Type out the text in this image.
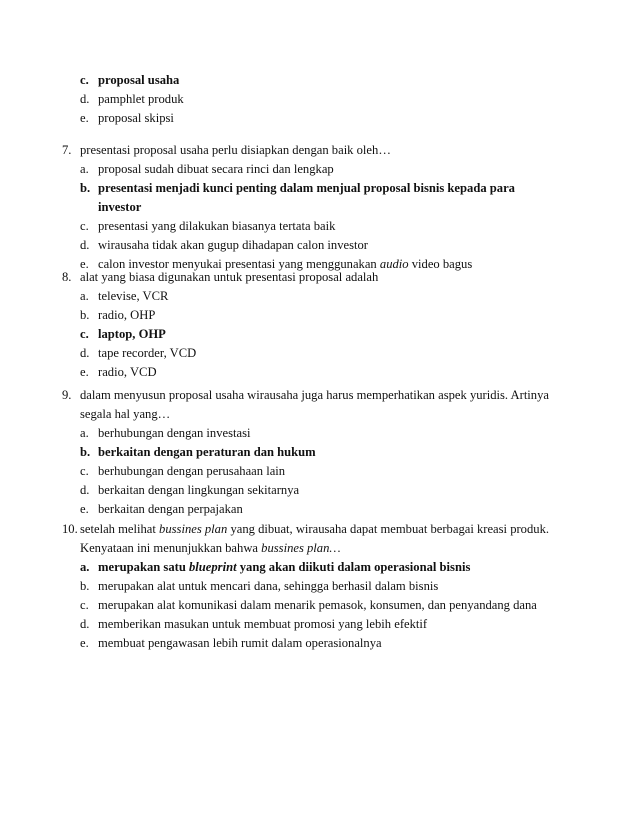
c. proposal usaha
d. pamphlet produk
e. proposal skipsi
7. presentasi proposal usaha perlu disiapkan dengan baik oleh…
a. proposal sudah dibuat secara rinci dan lengkap
b. presentasi menjadi kunci penting dalam menjual proposal bisnis kepada para
investor
c. presentasi yang dilakukan biasanya tertata baik
d. wirausaha tidak akan gugup dihadapan calon investor
e. calon investor menyukai presentasi yang menggunakan audio video bagus
8. alat yang biasa digunakan untuk presentasi proposal adalah
a. televise, VCR
b. radio, OHP
c. laptop, OHP
d. tape recorder, VCD
e. radio, VCD
9. dalam menyusun proposal usaha wirausaha juga harus memperhatikan aspek yuridis. Artinya
segala hal yang…
a. berhubungan dengan investasi
b. berkaitan dengan peraturan dan hukum
c. berhubungan dengan perusahaan lain
d. berkaitan dengan lingkungan sekitarnya
e. berkaitan dengan perpajakan
10. setelah melihat bussines plan yang dibuat, wirausaha dapat membuat berbagai kreasi produk.
Kenyataan ini menunjukkan bahwa bussines plan…
a. merupakan satu blueprint yang akan diikuti dalam operasional bisnis
b. merupakan alat untuk mencari dana, sehingga berhasil dalam bisnis
c. merupakan alat komunikasi dalam menarik pemasok, konsumen, dan penyandang dana
d. memberikan masukan untuk membuat promosi yang lebih efektif
e. membuat pengawasan lebih rumit dalam operasionalnya
